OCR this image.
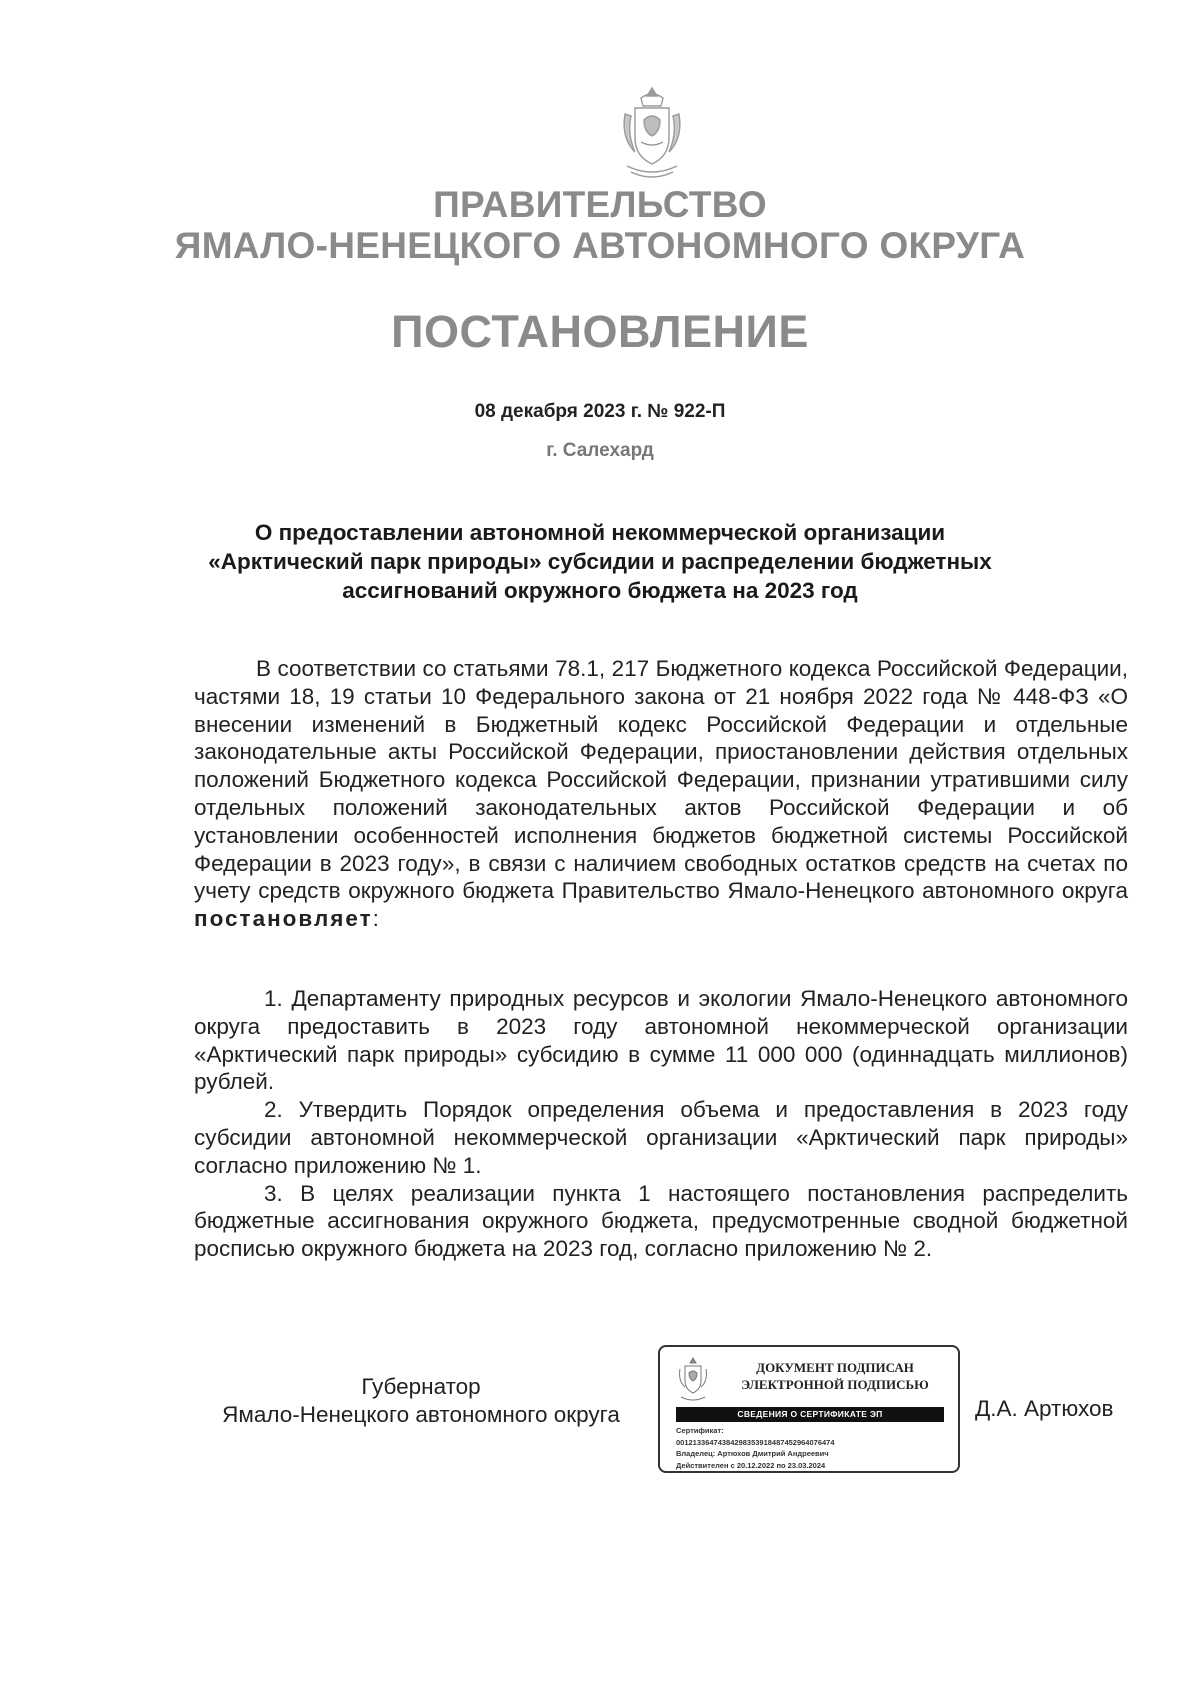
ПРАВИТЕЛЬСТВО
ЯМАЛО-НЕНЕЦКОГО АВТОНОМНОГО ОКРУГА
ПОСТАНОВЛЕНИЕ
08 декабря 2023 г. № 922-П
г. Салехард
О предоставлении автономной некоммерческой организации
«Арктический парк природы» субсидии и распределении бюджетных
ассигнований окружного бюджета на 2023 год
В соответствии со статьями 78.1, 217 Бюджетного кодекса Российской Федерации, частями 18, 19 статьи 10 Федерального закона от 21 ноября 2022 года № 448-ФЗ «О внесении изменений в Бюджетный кодекс Российской Федерации и отдельные законодательные акты Российской Федерации, приостановлении действия отдельных положений Бюджетного кодекса Российской Федерации, признании утратившими силу отдельных положений законодательных актов Российской Федерации и об установлении особенностей исполнения бюджетов бюджетной системы Российской Федерации в 2023 году», в связи с наличием свободных остатков средств на счетах по учету средств окружного бюджета Правительство Ямало-Ненецкого автономного округа постановляет:

1. Департаменту природных ресурсов и экологии Ямало-Ненецкого автономного округа предоставить в 2023 году автономной некоммерческой организации «Арктический парк природы» субсидию в сумме 11 000 000 (одиннадцать миллионов) рублей.

2. Утвердить Порядок определения объема и предоставления в 2023 году субсидии автономной некоммерческой организации «Арктический парк природы» согласно приложению № 1.

3. В целях реализации пункта 1 настоящего постановления распределить бюджетные ассигнования окружного бюджета, предусмотренные сводной бюджетной росписью окружного бюджета на 2023 год, согласно приложению № 2.

Губернатор
Ямало-Ненецкого автономного округа
ДОКУМЕНТ ПОДПИСАН
ЭЛЕКТРОННОЙ ПОДПИСЬЮ
СВЕДЕНИЯ О СЕРТИФИКАТЕ ЭП
Сертификат:
00121336474384298353918487452964076474
Владелец: Артюхов Дмитрий Андреевич
Действителен с 20.12.2022 по 23.03.2024
Д.А. Артюхов
